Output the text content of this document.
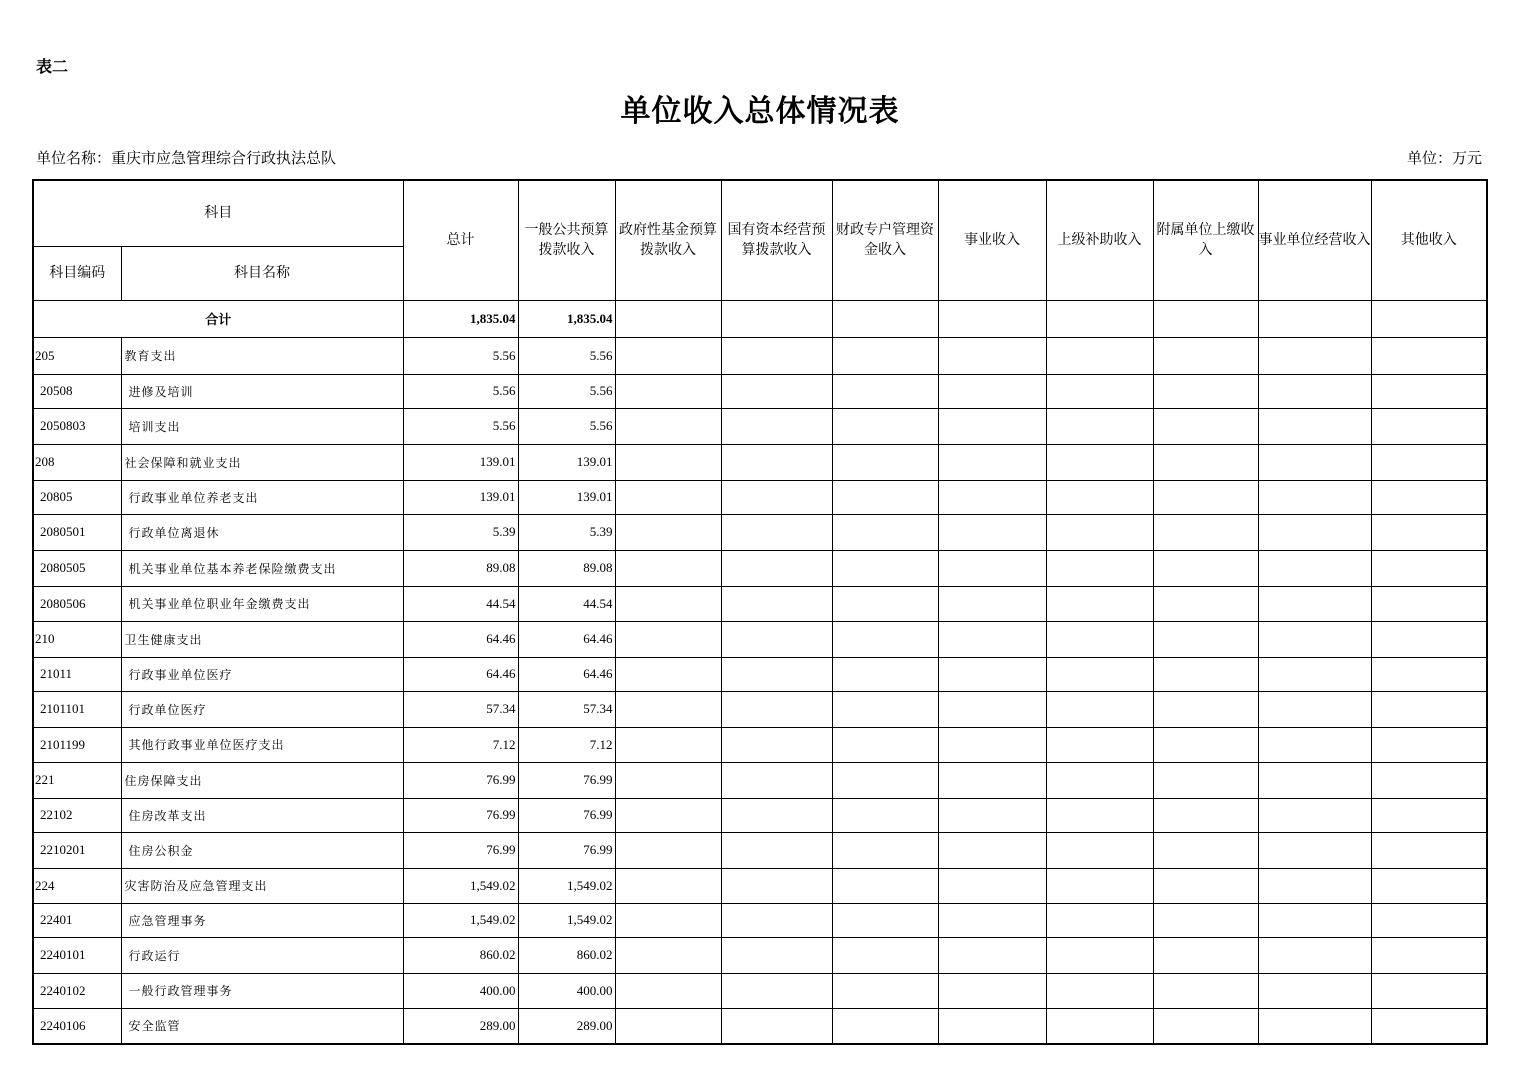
表二
单位收入总体情况表
单位名称：重庆市应急管理综合行政执法总队	单位：万元
科目		总计	一般公共预算拨款收入	政府性基金预算拨款收入	国有资本经营预算拨款收入	财政专户管理资金收入	事业收入	上级补助收入	附属单位上缴收入	事业单位经营收入	其他收入
科目编码	科目名称										
合计		1,835.04	1,835.04								
205	教育支出	5.56	5.56								
20508	进修及培训	5.56	5.56								
2050803	培训支出	5.56	5.56								
208	社会保障和就业支出	139.01	139.01								
20805	行政事业单位养老支出	139.01	139.01								
2080501	行政单位离退休	5.39	5.39								
2080505	机关事业单位基本养老保险缴费支出	89.08	89.08								
2080506	机关事业单位职业年金缴费支出	44.54	44.54								
210	卫生健康支出	64.46	64.46								
21011	行政事业单位医疗	64.46	64.46								
2101101	行政单位医疗	57.34	57.34								
2101199	其他行政事业单位医疗支出	7.12	7.12								
221	住房保障支出	76.99	76.99								
22102	住房改革支出	76.99	76.99								
2210201	住房公积金	76.99	76.99								
224	灾害防治及应急管理支出	1,549.02	1,549.02								
22401	应急管理事务	1,549.02	1,549.02								
2240101	行政运行	860.02	860.02								
2240102	一般行政管理事务	400.00	400.00								
2240106	安全监管	289.00	289.00								
